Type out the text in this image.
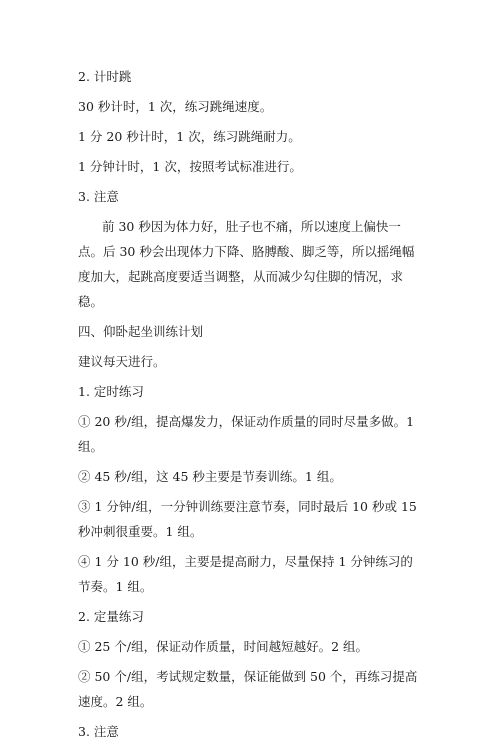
2. 计时跳

30 秒计时，1 次，练习跳绳速度。

1 分 20 秒计时，1 次，练习跳绳耐力。

1 分钟计时，1 次，按照考试标准进行。

3. 注意

前 30 秒因为体力好，肚子也不痛，所以速度上偏快一点。后 30 秒会出现体力下降、胳膊酸、脚乏等，所以摇绳幅度加大，起跳高度要适当调整，从而减少勾住脚的情况，求稳。

四、仰卧起坐训练计划

建议每天进行。

1. 定时练习

① 20 秒/组，提高爆发力，保证动作质量的同时尽量多做。1 组。

② 45 秒/组，这 45 秒主要是节奏训练。1 组。

③ 1 分钟/组，一分钟训练要注意节奏，同时最后 10 秒或 15 秒冲刺很重要。1 组。

④ 1 分 10 秒/组，主要是提高耐力，尽量保持 1 分钟练习的节奏。1 组。

2. 定量练习

① 25 个/组，保证动作质量，时间越短越好。2 组。

② 50 个/组，考试规定数量，保证能做到 50 个，再练习提高速度。2 组。

3. 注意
